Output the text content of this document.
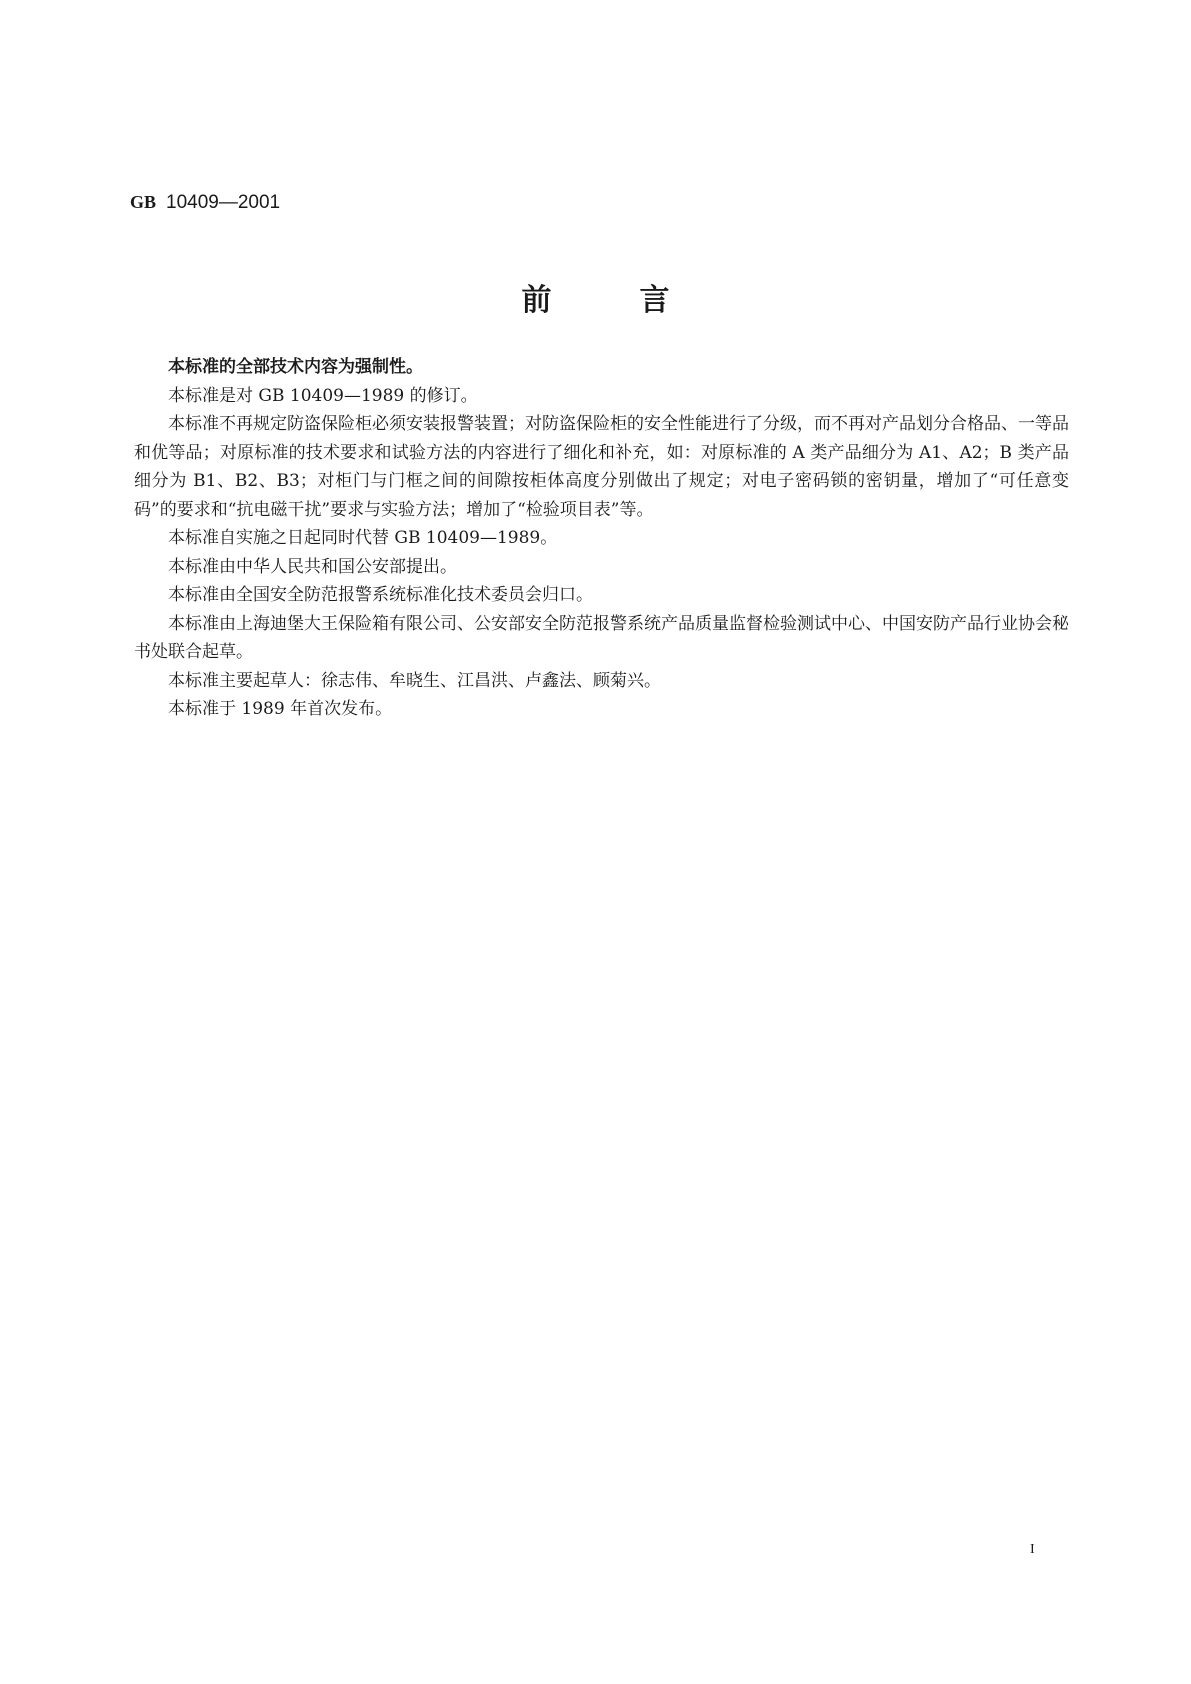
GB 10409—2001
前	言

本标准的全部技术内容为强制性。

本标准是对 GB 10409—1989 的修订。

本标准不再规定防盗保险柜必须安装报警装置；对防盗保险柜的安全性能进行了分级，而不再对产品划分合格品、一等品和优等品；对原标准的技术要求和试验方法的内容进行了细化和补充，如：对原标准的 A 类产品细分为 A1、A2；B 类产品细分为 B1、B2、B3；对柜门与门框之间的间隙按柜体高度分别做出了规定；对电子密码锁的密钥量，增加了“可任意变码”的要求和“抗电磁干扰”要求与实验方法；增加了“检验项目表”等。

本标准自实施之日起同时代替 GB 10409—1989。

本标准由中华人民共和国公安部提出。

本标准由全国安全防范报警系统标准化技术委员会归口。

本标准由上海迪堡大王保险箱有限公司、公安部安全防范报警系统产品质量监督检验测试中心、中国安防产品行业协会秘书处联合起草。

本标准主要起草人：徐志伟、牟晓生、江昌洪、卢鑫法、顾菊兴。

本标准于 1989 年首次发布。

I
